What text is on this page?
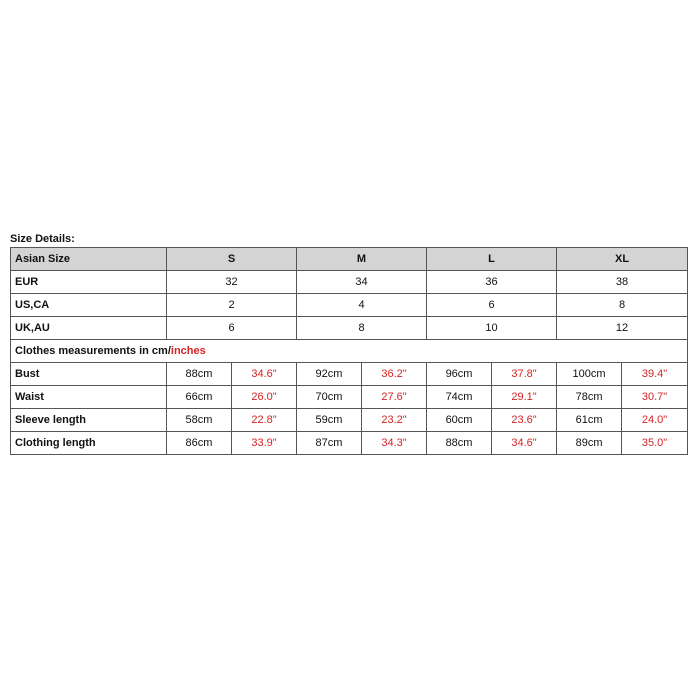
Size Details:
Asian Size	S		M		L		XL	
EUR	32		34		36		38	
US,CA	2		4		6		8	
UK,AU	6		8		10		12	
Clothes measurements in cm/inches								
Bust	88cm	34.6"	92cm	36.2"	96cm	37.8"	100cm	39.4"
Waist	66cm	26.0"	70cm	27.6"	74cm	29.1"	78cm	30.7"
Sleeve length	58cm	22.8"	59cm	23.2"	60cm	23.6"	61cm	24.0"
Clothing length	86cm	33.9"	87cm	34.3"	88cm	34.6"	89cm	35.0"
